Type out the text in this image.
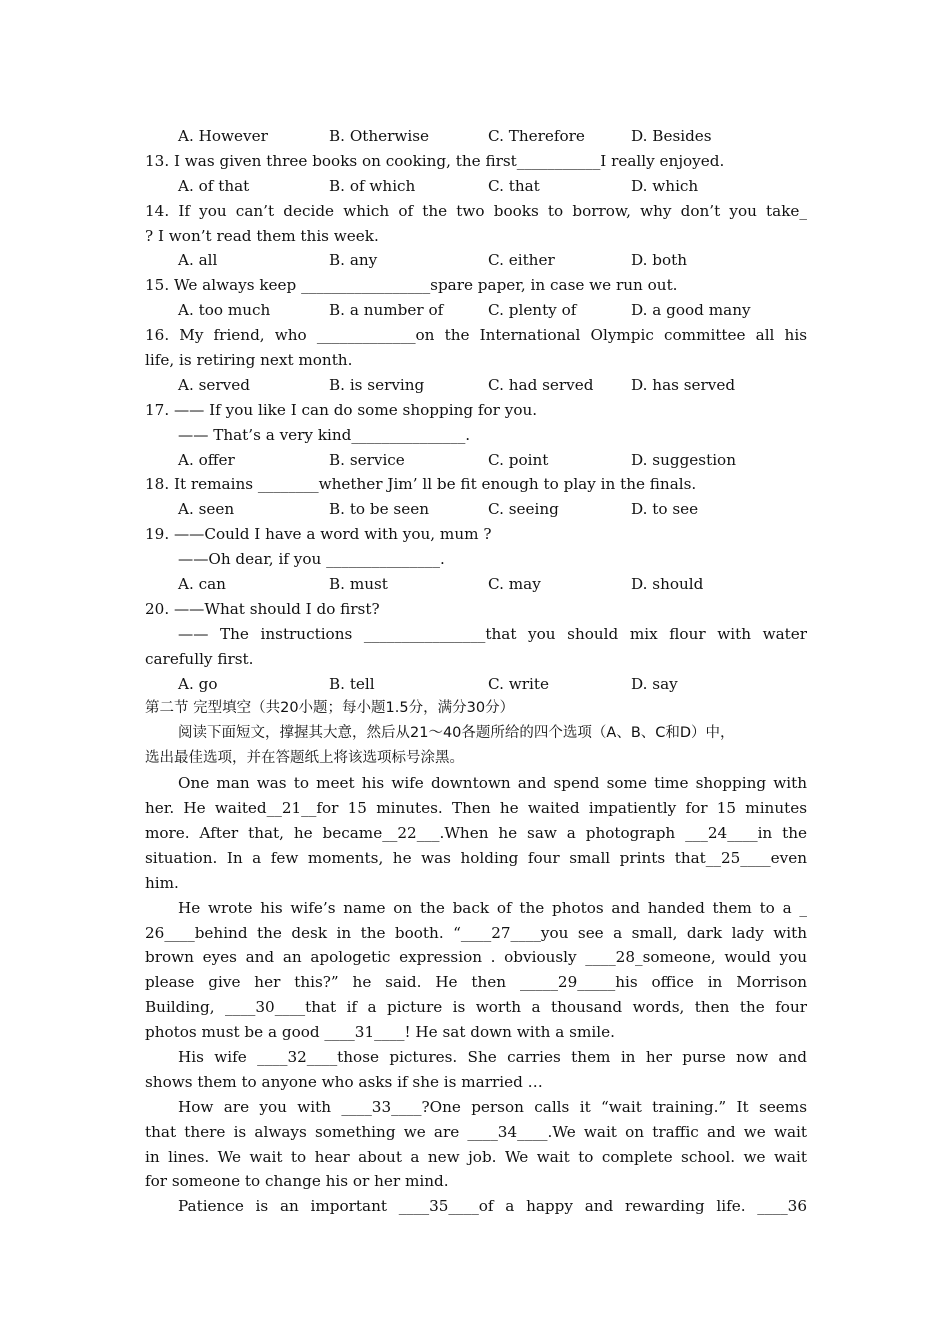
A. However	B. Otherwise	C. Therefore	D. Besides
13. I was given three books on cooking, the first___________I really enjoyed.
A. of that	B. of which	C. that	D. which
14. If you can’t decide which of the two books to borrow, why don’t you take_
? I won’t read them this week.
A. all	B. any	C. either	D. both
15. We always keep _________________spare paper, in case we run out.
A. too much	B. a number of	C. plenty of	D. a good many
16. My friend, who _____________on the International Olympic committee all his
life, is retiring next month.
A. served	B. is serving	C. had served	D. has served
17. —— If you like I can do some shopping for you.
—— That’s a very kind_______________.
A. offer	B. service	C. point	D. suggestion
18. It remains ________whether Jim’ ll be fit enough to play in the finals.
A. seen	B. to be seen	C. seeing	D. to see
19. ——Could I have a word with you, mum ?
——Oh dear, if you _______________.
A. can	B. must	C. may	D. should
20. ——What should I do first?
—— The instructions ________________that you should mix flour with water
carefully first.
A. go	B. tell	C. write	D. say
第二节 完型填空（共20小题；每小题1.5分，满分30分）
阅读下面短文，撑握其大意，然后从21～40各题所给的四个选项（A、B、C和D）中，
选出最佳选项，并在答题纸上将该选项标号涂黑。
One man was to meet his wife downtown and spend some time shopping with
her. He waited__21__for 15 minutes. Then he waited impatiently for 15 minutes
more. After that, he became__22___.When he saw a photograph ___24____in the
situation. In a few moments, he was holding four small prints that__25____even
him.
He wrote his wife’s name on the back of the photos and handed them to a _
26____behind the desk in the booth. “____27____you see a small, dark lady with
brown eyes and an apologetic expression . obviously ____28_someone, would you
please give her this?” he said. He then _____29_____his office in Morrison
Building, ____30____that if a picture is worth a thousand words, then the four
photos must be a good ____31____! He sat down with a smile.
His wife ____32____those pictures. She carries them in her purse now and
shows them to anyone who asks if she is married …
How are you with ____33____?One person calls it “wait training.” It seems
that there is always something we are ____34____.We wait on traffic and we wait
in lines. We wait to hear about a new job. We wait to complete school. we wait
for someone to change his or her mind.
Patience is an important ____35____of a happy and rewarding life. ____36
